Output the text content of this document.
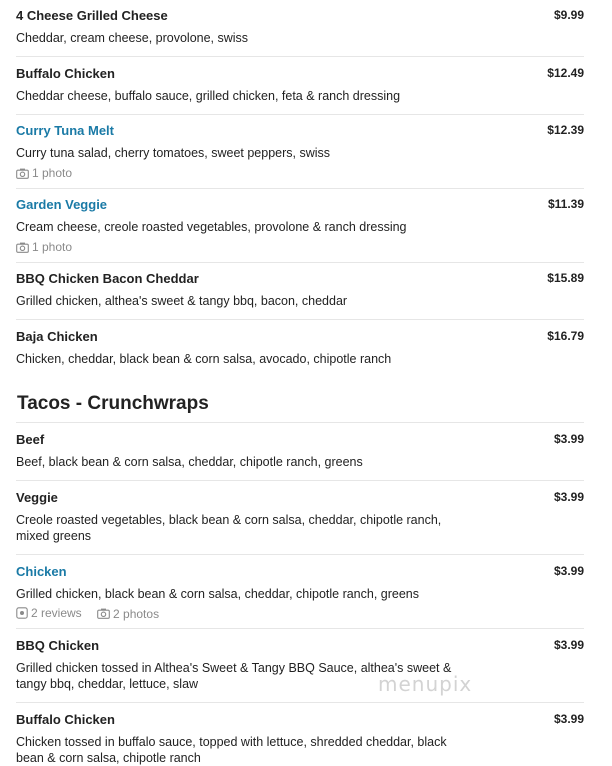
4 Cheese Grilled Cheese	$9.99
Cheddar, cream cheese, provolone, swiss
Buffalo Chicken	$12.49
Cheddar cheese, buffalo sauce, grilled chicken, feta & ranch dressing
Curry Tuna Melt	$12.39
Curry tuna salad, cherry tomatoes, sweet peppers, swiss
1 photo
Garden Veggie	$11.39
Cream cheese, creole roasted vegetables, provolone & ranch dressing
1 photo
BBQ Chicken Bacon Cheddar	$15.89
Grilled chicken, althea's sweet & tangy bbq, bacon, cheddar
Baja Chicken	$16.79
Chicken, cheddar, black bean & corn salsa, avocado, chipotle ranch
Tacos - Crunchwraps
Beef	$3.99
Beef, black bean & corn salsa, cheddar, chipotle ranch, greens
Veggie	$3.99
Creole roasted vegetables, black bean & corn salsa, cheddar, chipotle ranch, mixed greens
Chicken	$3.99
Grilled chicken, black bean & corn salsa, cheddar, chipotle ranch, greens
2 reviews
	2 photos
BBQ Chicken	$3.99
Grilled chicken tossed in Althea's Sweet & Tangy BBQ Sauce, althea's sweet & tangy bbq, cheddar, lettuce, slaw
Buffalo Chicken	$3.99
Chicken tossed in buffalo sauce, topped with lettuce, shredded cheddar, black bean & corn salsa, chipotle ranch
menupix
